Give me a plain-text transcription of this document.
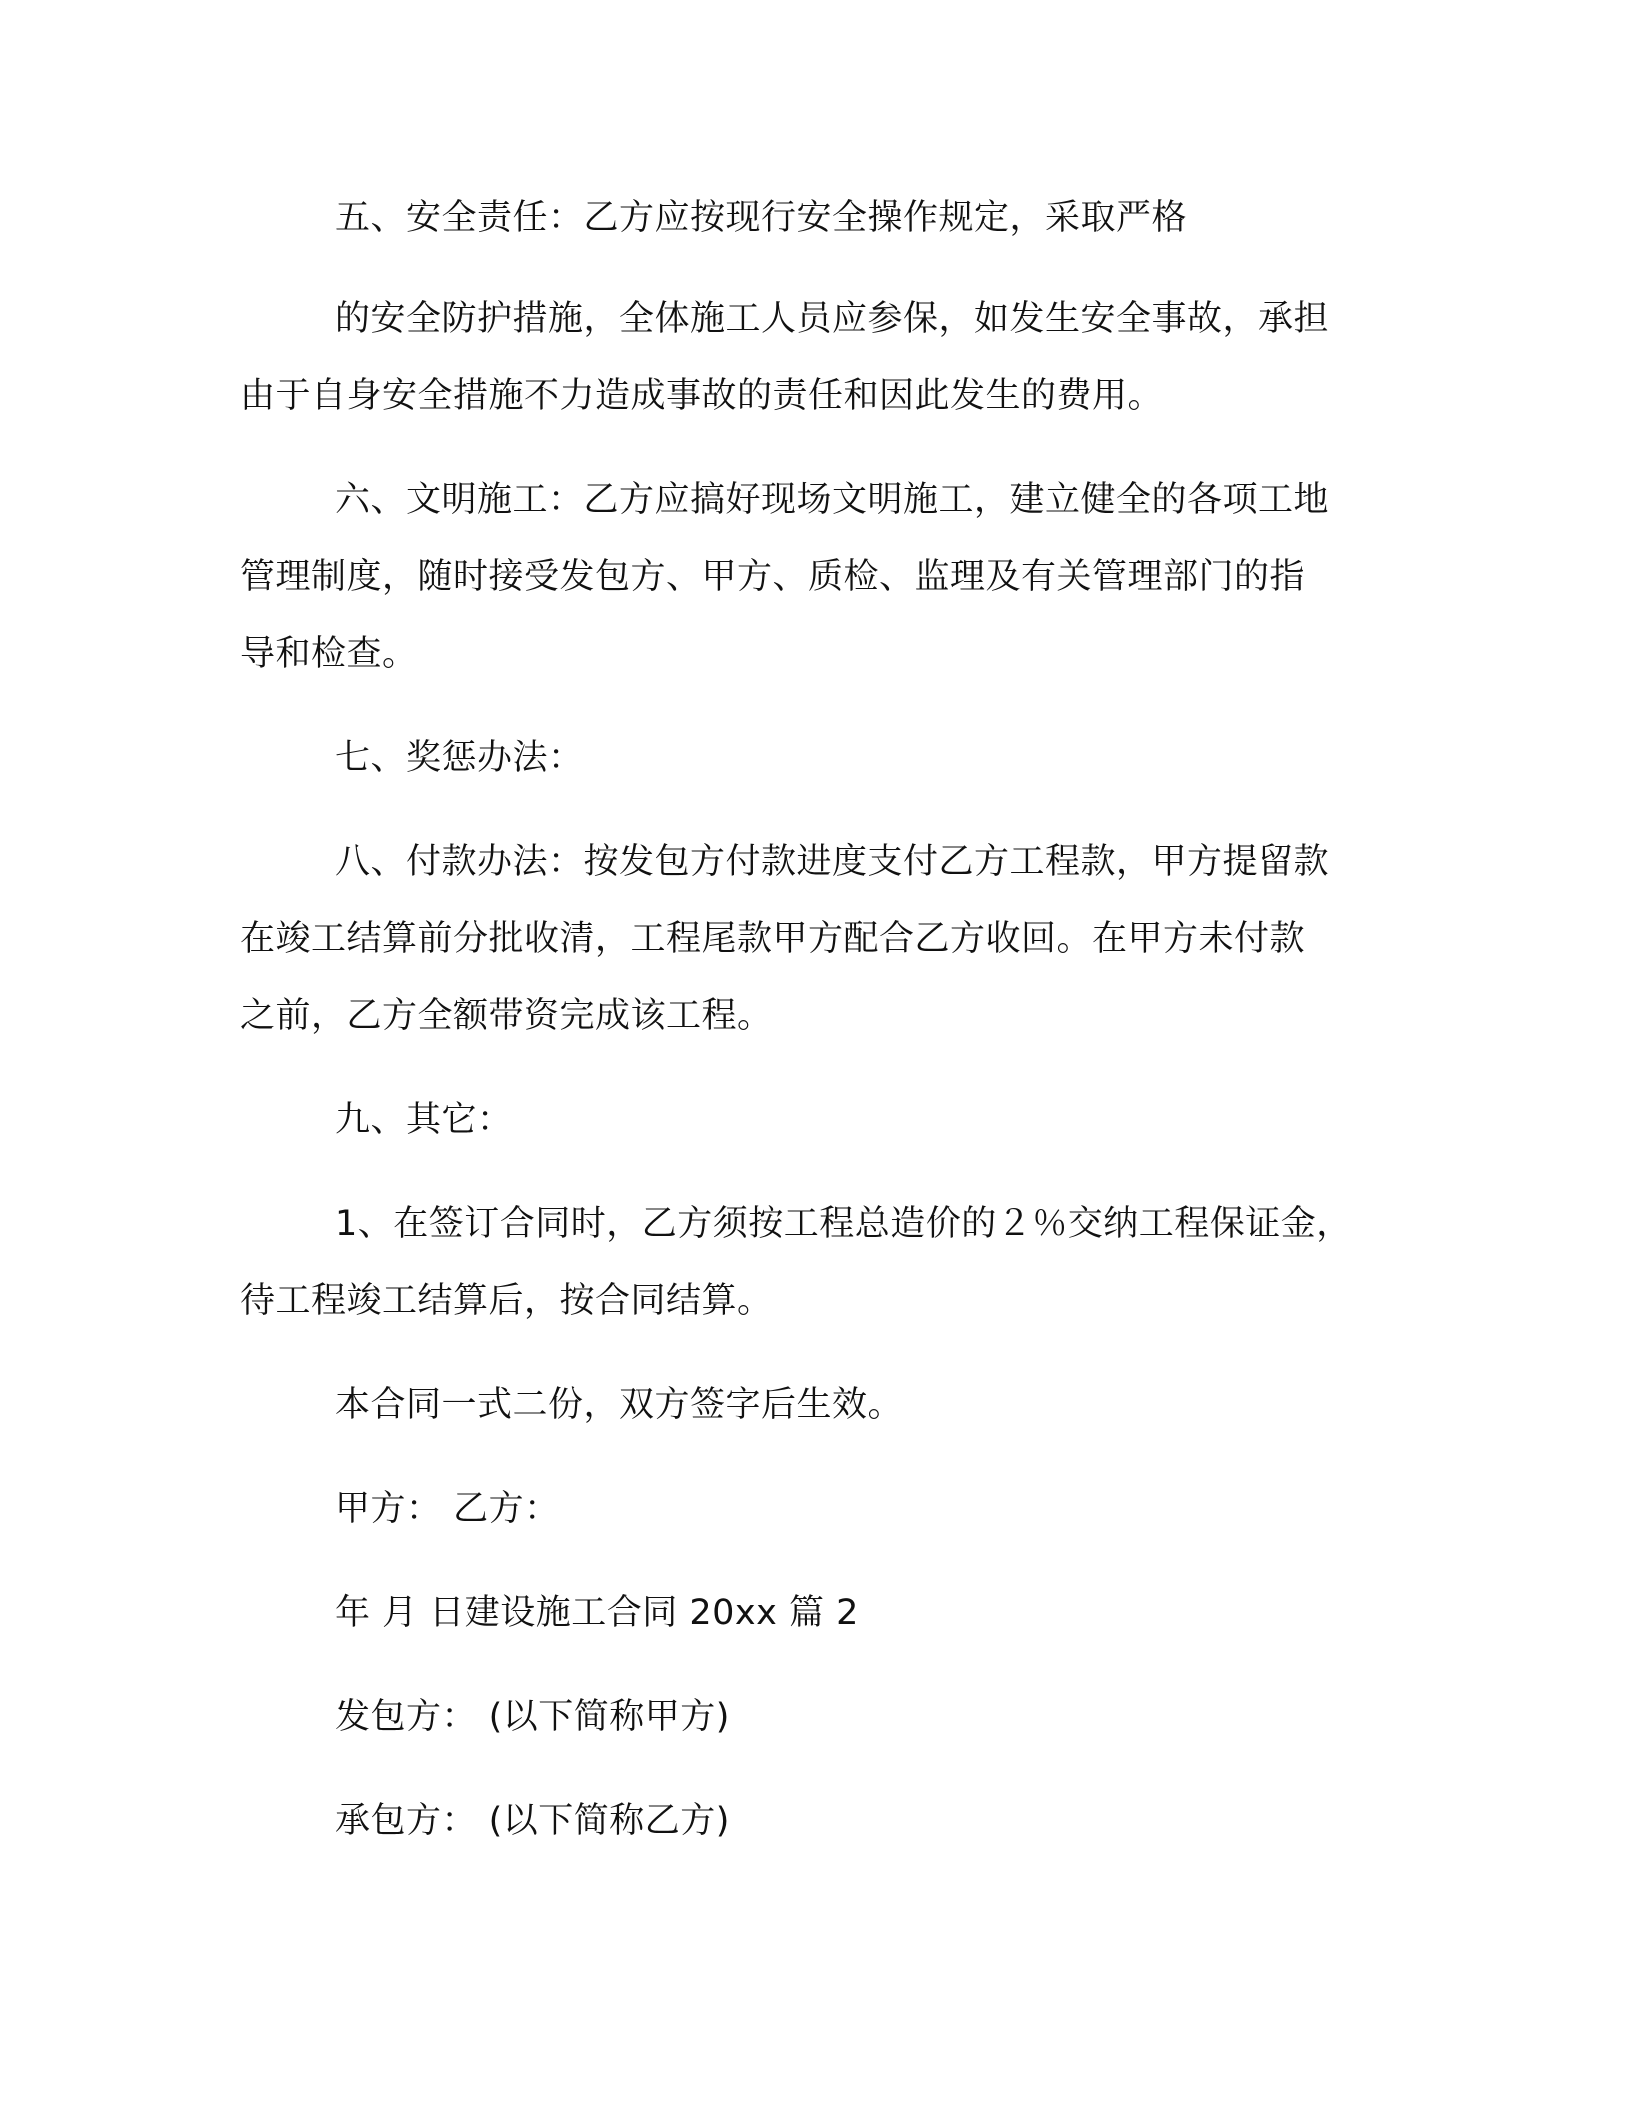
五、安全责任：乙方应按现行安全操作规定，采取严格
的安全防护措施，全体施工人员应参保，如发生安全事故，承担
由于自身安全措施不力造成事故的责任和因此发生的费用。
六、文明施工：乙方应搞好现场文明施工，建立健全的各项工地
管理制度，随时接受发包方、甲方、质检、监理及有关管理部门的指
导和检查。
七、奖惩办法：
八、付款办法：按发包方付款进度支付乙方工程款，甲方提留款
在竣工结算前分批收清，工程尾款甲方配合乙方收回。在甲方未付款
之前，乙方全额带资完成该工程。
九、其它：
1、在签订合同时，乙方须按工程总造价的２％交纳工程保证金，
待工程竣工结算后，按合同结算。
本合同一式二份，双方签字后生效。
甲方： 乙方：
年 月 日建设施工合同 20xx 篇 2
发包方： (以下简称甲方)
承包方： (以下简称乙方)
